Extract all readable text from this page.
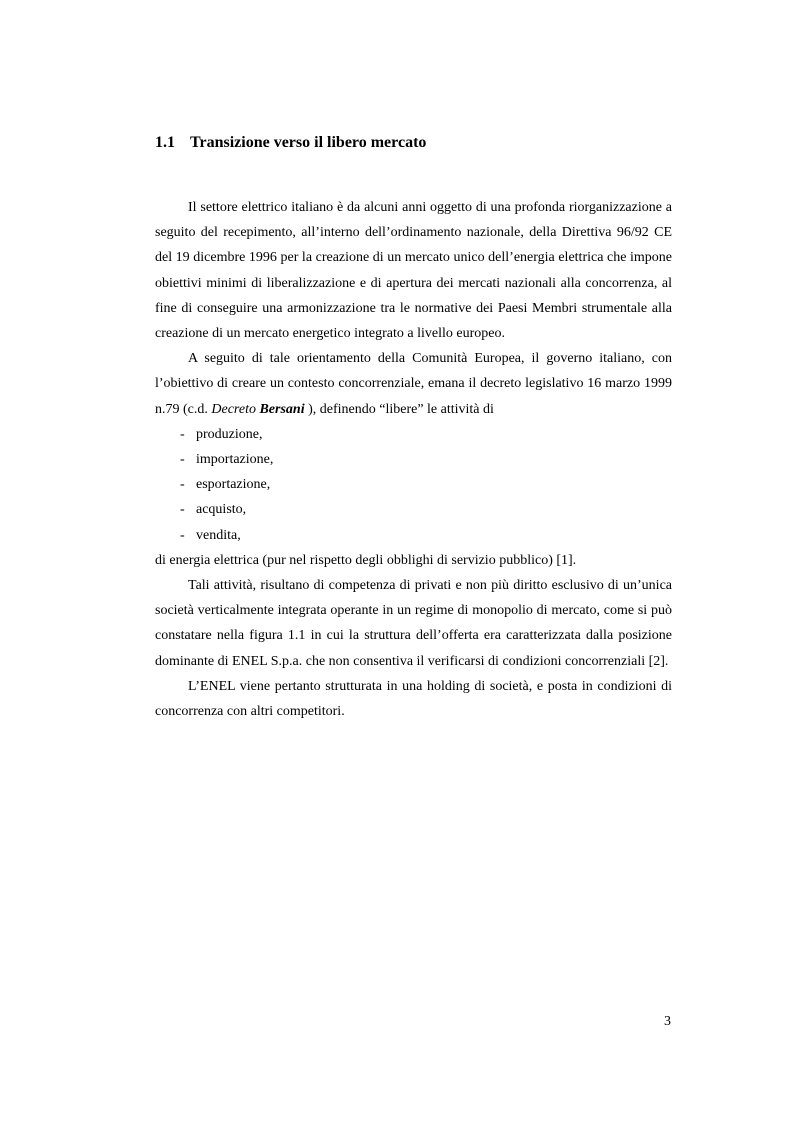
1.1 Transizione verso il libero mercato

Il settore elettrico italiano è da alcuni anni oggetto di una profonda riorganizzazione a seguito del recepimento, all’interno dell’ordinamento nazionale, della Direttiva 96/92 CE del 19 dicembre 1996 per la creazione di un mercato unico dell’energia elettrica che impone obiettivi minimi di liberalizzazione e di apertura dei mercati nazionali alla concorrenza, al fine di conseguire una armonizzazione tra le normative dei Paesi Membri strumentale alla creazione di un mercato energetico integrato a livello europeo.

A seguito di tale orientamento della Comunità Europea, il governo italiano, con l’obiettivo di creare un contesto concorrenziale, emana il decreto legislativo 16 marzo 1999 n.79 (c.d. Decreto Bersani ), definendo “libere” le attività di

- produzione,
- importazione,
- esportazione,
- acquisto,
- vendita,

di energia elettrica (pur nel rispetto degli obblighi di servizio pubblico) [1].

Tali attività, risultano di competenza di privati e non più diritto esclusivo di un’unica società verticalmente integrata operante in un regime di monopolio di mercato, come si può constatare nella figura 1.1 in cui la struttura dell’offerta era caratterizzata dalla posizione dominante di ENEL S.p.a. che non consentiva il verificarsi di condizioni concorrenziali [2].

L’ENEL viene pertanto strutturata in una holding di società, e posta in condizioni di concorrenza con altri competitori.

3
